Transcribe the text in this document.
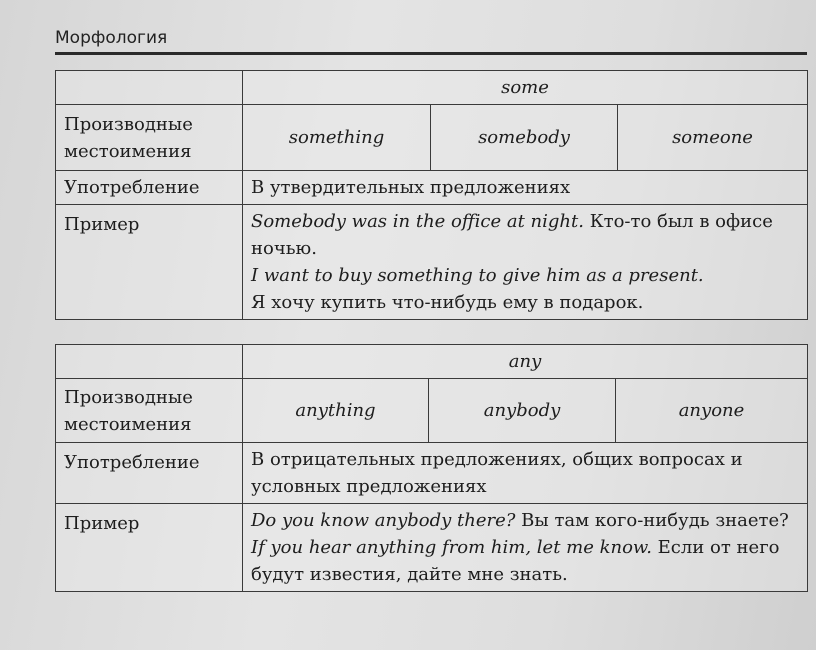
Морфология
	some		
Производные местоимения	something	somebody	someone
Употребление	В утвердительных предложениях		
Пример	Somebody was in the office at night. Кто-то был в офисе ночью.
I want to buy something to give him as a present.
Я хочу купить что-нибудь ему в подарок.		
	any		
Производные местоимения	anything	anybody	anyone
Употребление	В отрицательных предложениях, общих вопросах и условных предложениях		
Пример	Do you know anybody there? Вы там кого-нибудь знаете?
If you hear anything from him, let me know. Если от него будут известия, дайте мне знать.		
